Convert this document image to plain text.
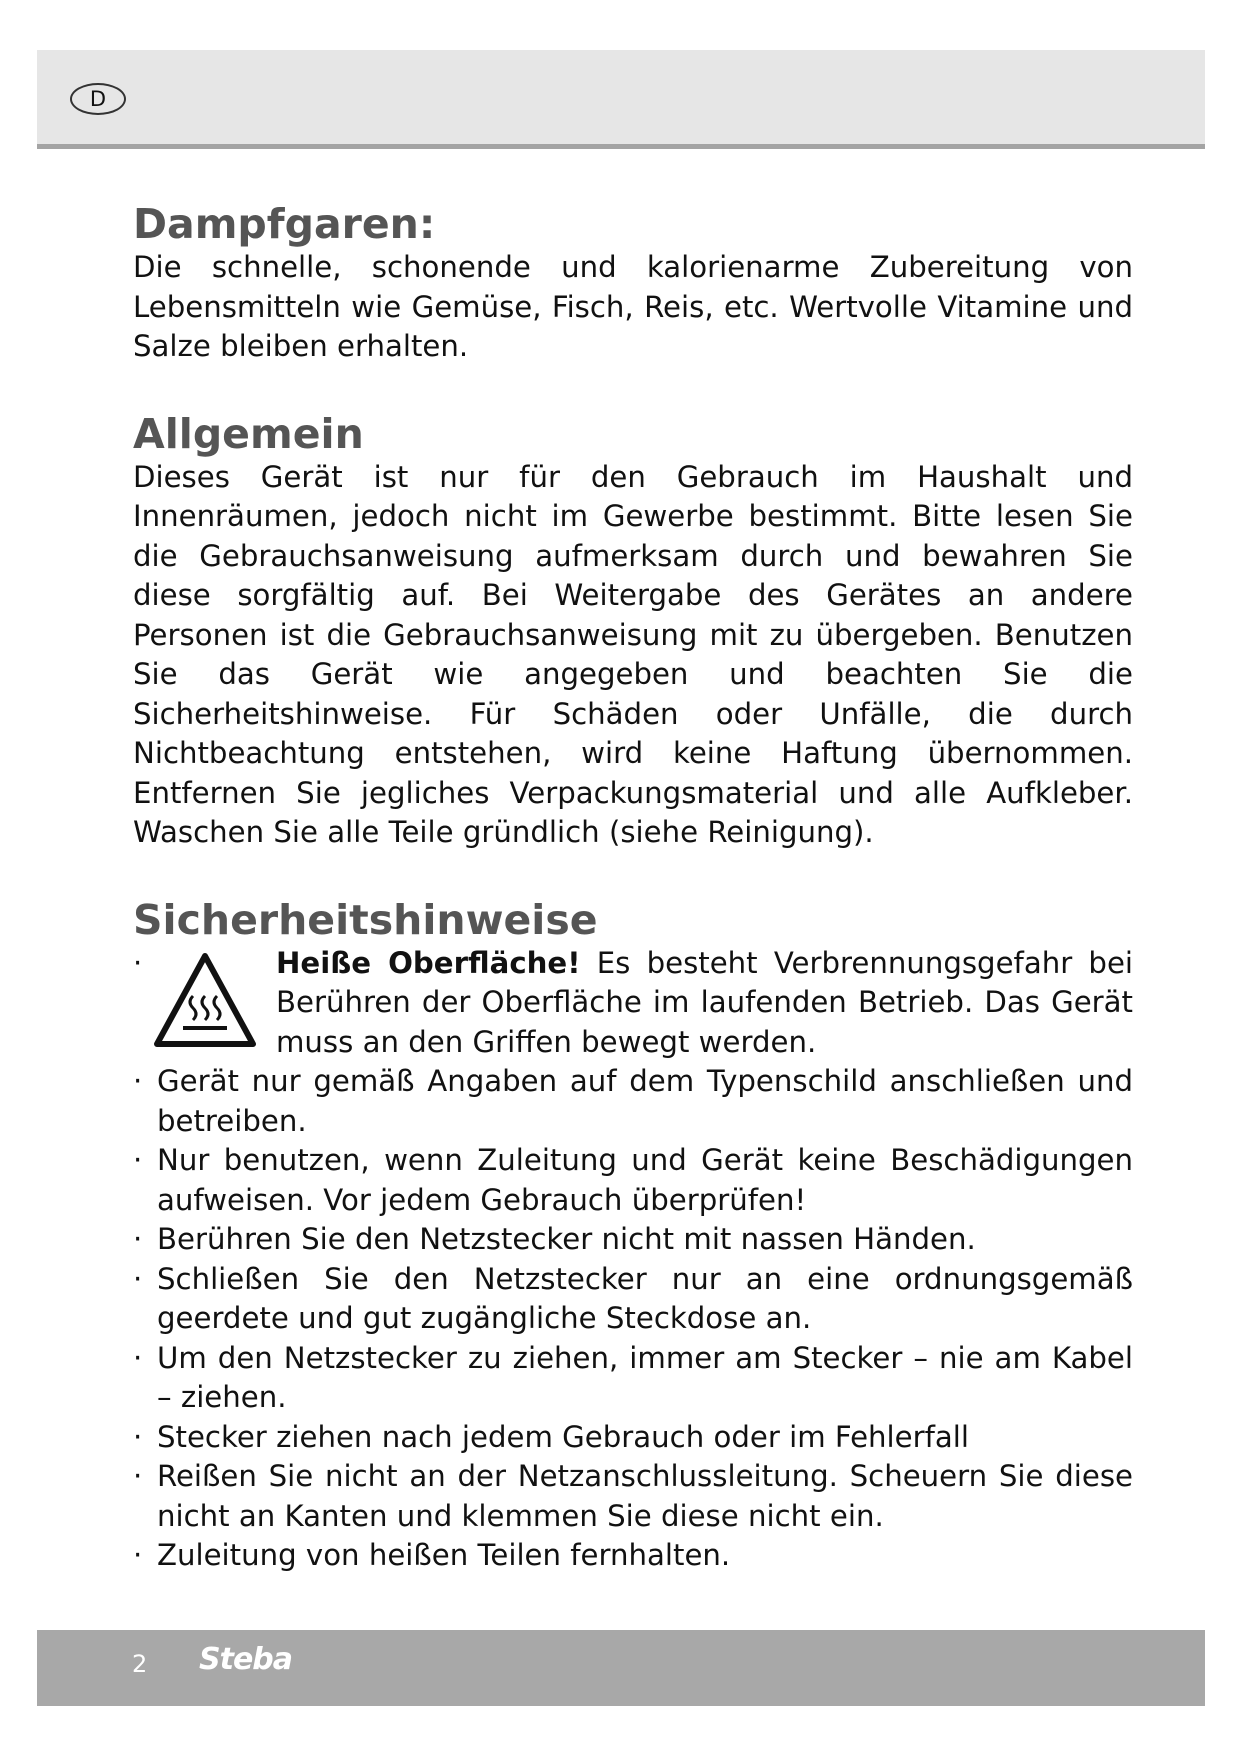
D
Dampfgaren:

Die schnelle, schonende und kalorienarme Zubereitung von Lebensmitteln wie Gemüse, Fisch, Reis, etc. Wertvolle Vitamine und Salze bleiben erhalten.

Allgemein

Dieses Gerät ist nur für den Gebrauch im Haushalt und Innenräumen, jedoch nicht im Gewerbe bestimmt. Bitte lesen Sie die Gebrauchsanweisung aufmerksam durch und bewahren Sie diese sorgfältig auf. Bei Weitergabe des Gerätes an andere Personen ist die Gebrauchsanweisung mit zu übergeben. Benutzen Sie das Gerät wie angegeben und beachten Sie die Sicherheitshinweise. Für Schäden oder Unfälle, die durch Nichtbeachtung entstehen, wird keine Haftung übernommen. Entfernen Sie jegliches Verpackungsmaterial und alle Aufkleber. Waschen Sie alle Teile gründlich (siehe Reinigung).

Sicherheitshinweise
·	Heiße Oberfläche! Es besteht Verbrennungsgefahr bei Berühren der Oberfläche im laufenden Betrieb. Das Gerät muss an den Griffen bewegt werden.
· Gerät nur gemäß Angaben auf dem Typenschild anschließen und betreiben.
· Nur benutzen, wenn Zuleitung und Gerät keine Beschädigungen aufweisen. Vor jedem Gebrauch überprüfen!
· Berühren Sie den Netzstecker nicht mit nassen Händen.
· Schließen Sie den Netzstecker nur an eine ordnungsgemäß geerdete und gut zugängliche Steckdose an.
· Um den Netzstecker zu ziehen, immer am Stecker – nie am Kabel – ziehen.
· Stecker ziehen nach jedem Gebrauch oder im Fehlerfall
· Reißen Sie nicht an der Netzanschlussleitung. Scheuern Sie diese nicht an Kanten und klemmen Sie diese nicht ein.
· Zuleitung von heißen Teilen fernhalten.
2 Steba
